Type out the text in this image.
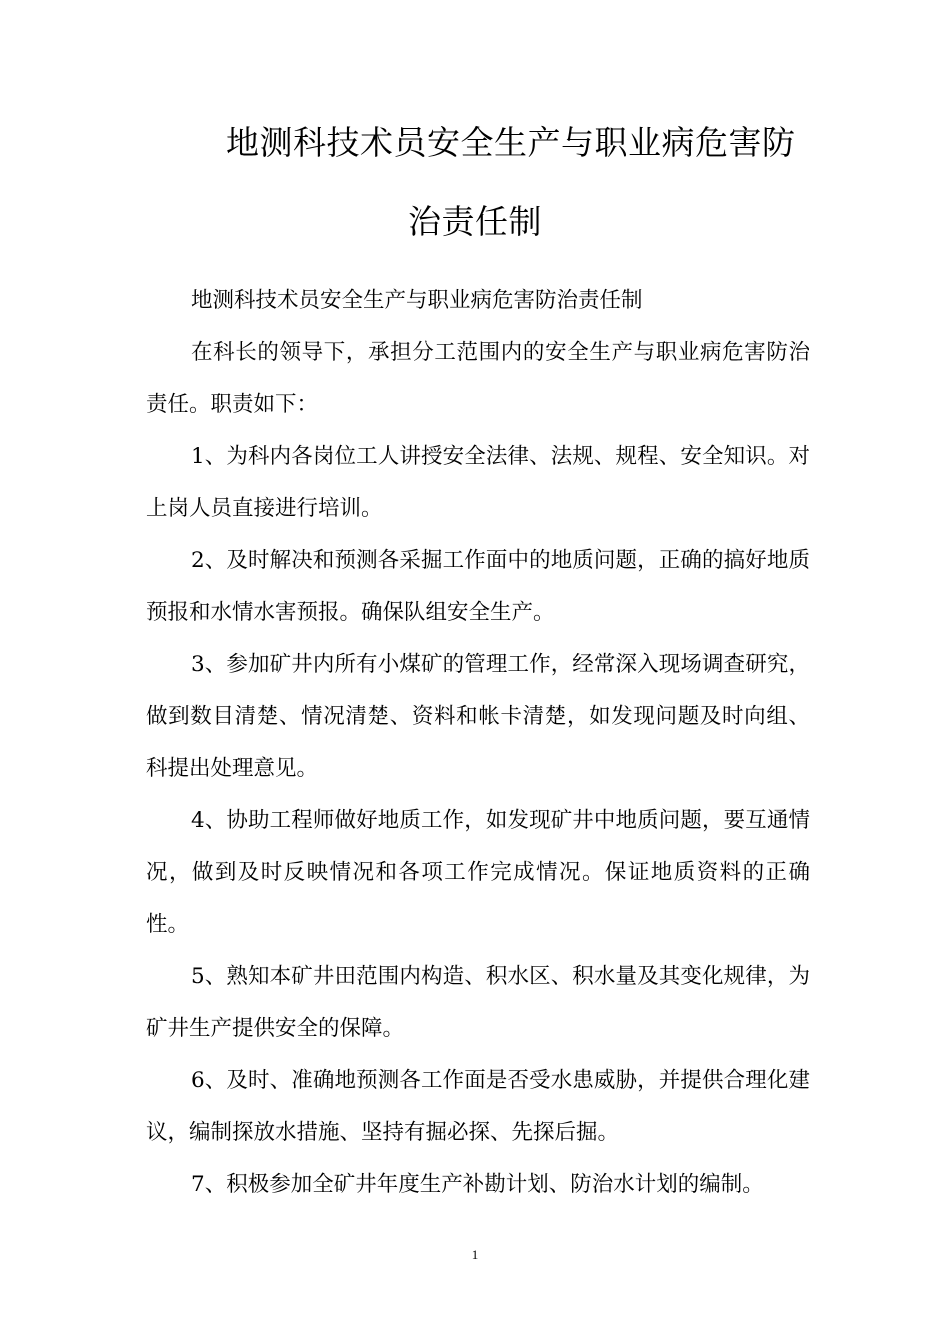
地测科技术员安全生产与职业病危害防
治责任制

地测科技术员安全生产与职业病危害防治责任制

在科长的领导下，承担分工范围内的安全生产与职业病危害防治责任。职责如下：

1、为科内各岗位工人讲授安全法律、法规、规程、安全知识。对上岗人员直接进行培训。

2、及时解决和预测各采掘工作面中的地质问题，正确的搞好地质预报和水情水害预报。确保队组安全生产。

3、参加矿井内所有小煤矿的管理工作，经常深入现场调查研究，做到数目清楚、情况清楚、资料和帐卡清楚，如发现问题及时向组、科提出处理意见。

4、协助工程师做好地质工作，如发现矿井中地质问题，要互通情况，做到及时反映情况和各项工作完成情况。保证地质资料的正确性。

5、熟知本矿井田范围内构造、积水区、积水量及其变化规律，为矿井生产提供安全的保障。

6、及时、准确地预测各工作面是否受水患威胁，并提供合理化建议，编制探放水措施、坚持有掘必探、先探后掘。

7、积极参加全矿井年度生产补勘计划、防治水计划的编制。

1
